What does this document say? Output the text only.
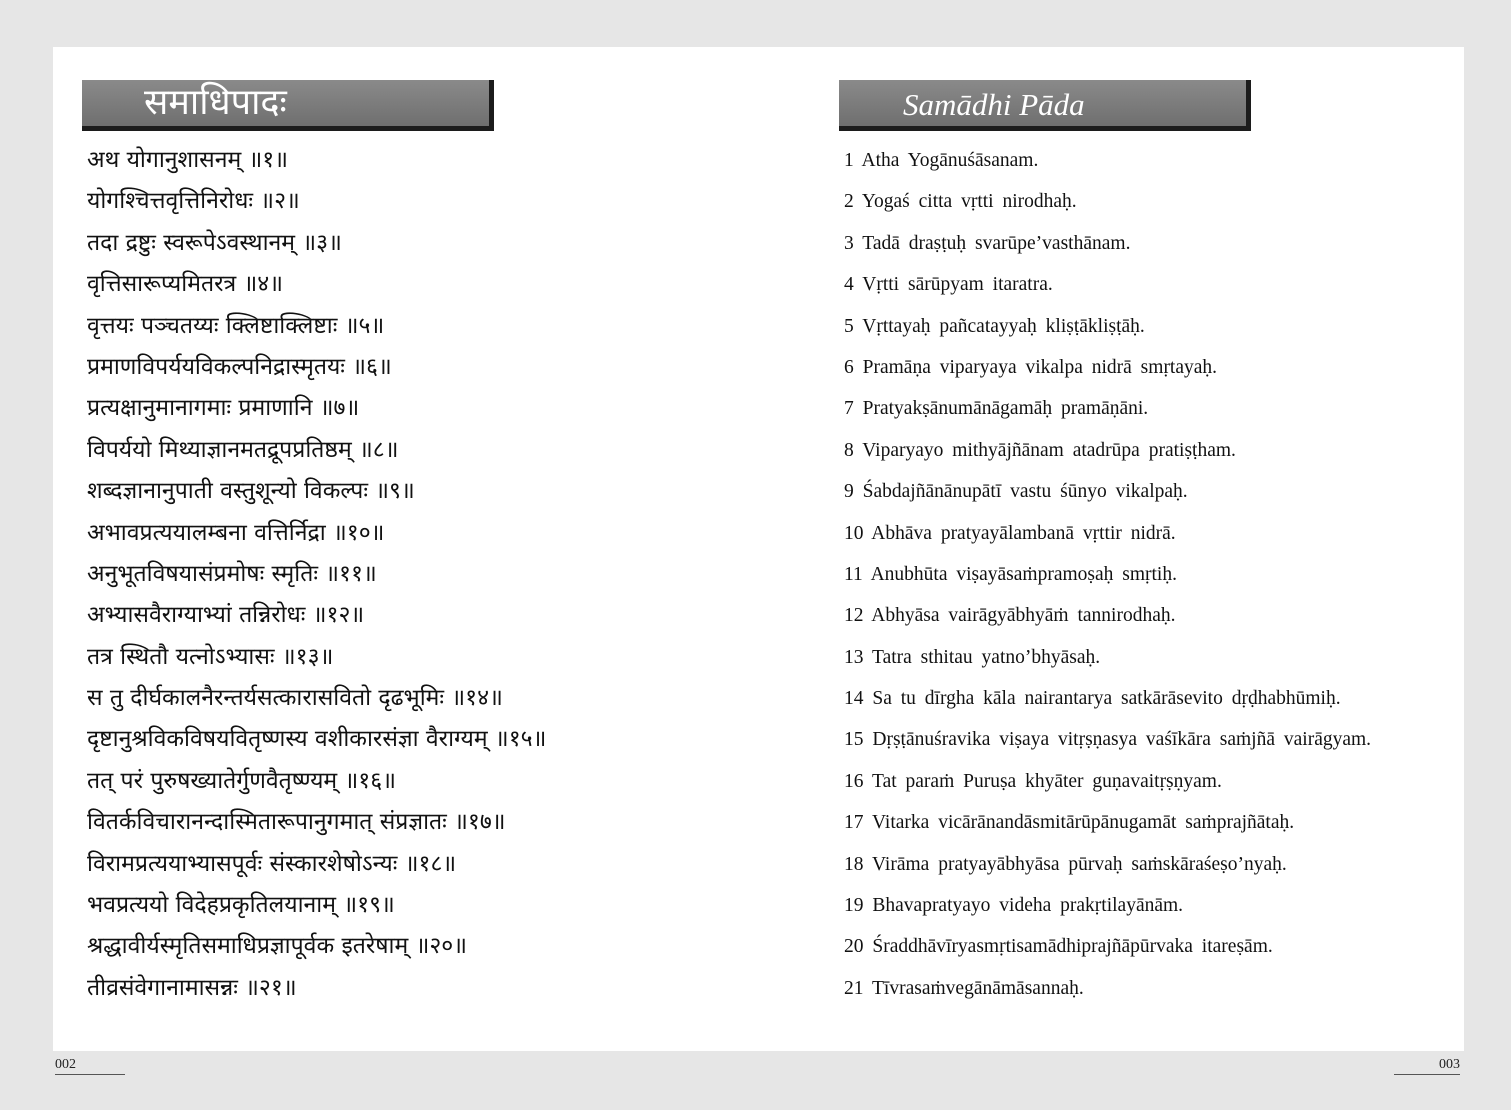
समाधिपादः
अथ योगानुशासनम् ॥१॥
योगश्चित्तवृत्तिनिरोधः ॥२॥
तदा द्रष्टुः स्वरूपेऽवस्थानम् ॥३॥
वृत्तिसारूप्यमितरत्र ॥४॥
वृत्तयः पञ्चतय्यः क्लिष्टाक्लिष्टाः ॥५॥
प्रमाणविपर्ययविकल्पनिद्रास्मृतयः ॥६॥
प्रत्यक्षानुमानागमाः प्रमाणानि ॥७॥
विपर्ययो मिथ्याज्ञानमतद्रूपप्रतिष्ठम् ॥८॥
शब्दज्ञानानुपाती वस्तुशून्यो विकल्पः ॥९॥
अभावप्रत्ययालम्बना वत्तिर्निद्रा ॥१०॥
अनुभूतविषयासंप्रमोषः स्मृतिः ॥११॥
अभ्यासवैराग्याभ्यां तन्निरोधः ॥१२॥
तत्र स्थितौ यत्नोऽभ्यासः ॥१३॥
स तु दीर्घकालनैरन्तर्यसत्कारासवितो दृढभूमिः ॥१४॥
दृष्टानुश्रविकविषयवितृष्णस्य वशीकारसंज्ञा वैराग्यम् ॥१५॥
तत् परं पुरुषख्यातेर्गुणवैतृष्ण्यम् ॥१६॥
वितर्कविचारानन्दास्मितारूपानुगमात् संप्रज्ञातः ॥१७॥
विरामप्रत्ययाभ्यासपूर्वः संस्कारशेषोऽन्यः ॥१८॥
भवप्रत्ययो विदेहप्रकृतिलयानाम् ॥१९॥
श्रद्धावीर्यस्मृतिसमाधिप्रज्ञापूर्वक इतरेषाम् ॥२०॥
तीव्रसंवेगानामासन्नः ॥२१॥
002
Samādhi Pāda
1 Atha Yogānuśāsanam.
2 Yogaś citta vṛtti nirodhaḥ.
3 Tadā draṣṭuḥ svarūpe’vasthānam.
4 Vṛtti sārūpyam itaratra.
5 Vṛttayaḥ pañcatayyaḥ kliṣṭākliṣṭāḥ.
6 Pramāṇa viparyaya vikalpa nidrā smṛtayaḥ.
7 Pratyakṣānumānāgamāḥ pramāṇāni.
8 Viparyayo mithyājñānam atadrūpa pratiṣṭham.
9 Śabdajñānānupātī vastu śūnyo vikalpaḥ.
10 Abhāva pratyayālambanā vṛttir nidrā.
11 Anubhūta viṣayāsaṁpramoṣaḥ smṛtiḥ.
12 Abhyāsa vairāgyābhyāṁ tannirodhaḥ.
13 Tatra sthitau yatno’bhyāsaḥ.
14 Sa tu dīrgha kāla nairantarya satkārāsevito dṛḍhabhūmiḥ.
15 Dṛṣṭānuśravika viṣaya vitṛṣṇasya vaśīkāra saṁjñā vairāgyam.
16 Tat paraṁ Puruṣa khyāter guṇavaitṛṣṇyam.
17 Vitarka vicārānandāsmitārūpānugamāt saṁprajñātaḥ.
18 Virāma pratyayābhyāsa pūrvaḥ saṁskāraśeṣo’nyaḥ.
19 Bhavapratyayo videha prakṛtilayānām.
20 Śraddhāvīryasmṛtisamādhiprajñāpūrvaka itareṣām.
21 Tīvrasaṁvegānāmāsannaḥ.
003
